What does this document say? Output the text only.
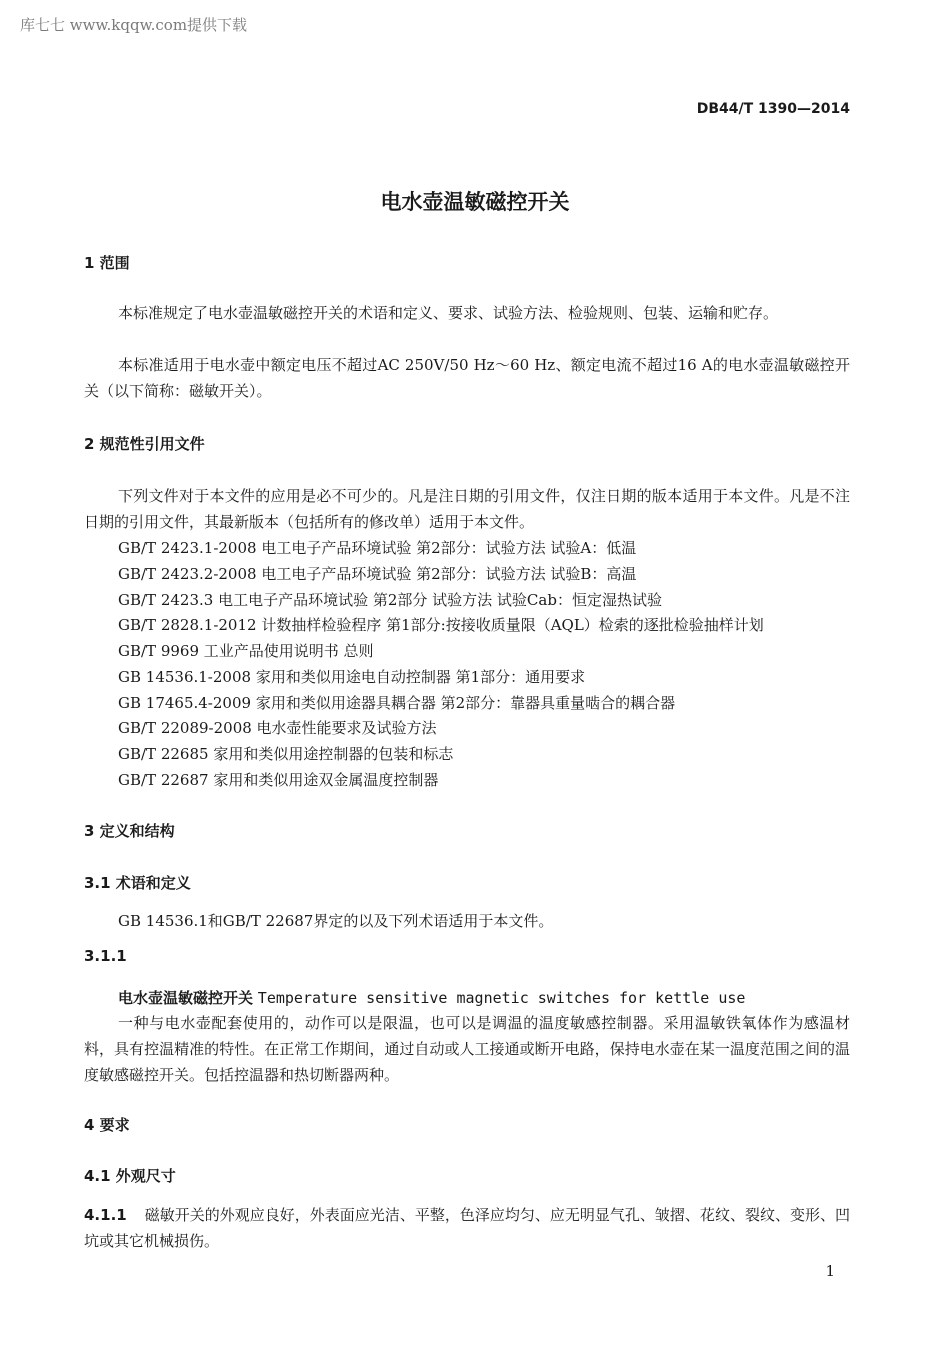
库七七 www.kqqw.com提供下载
DB44/T 1390—2014
电水壶温敏磁控开关
1 范围
本标准规定了电水壶温敏磁控开关的术语和定义、要求、试验方法、检验规则、包装、运输和贮存。
本标准适用于电水壶中额定电压不超过AC 250V/50 Hz～60 Hz、额定电流不超过16 A的电水壶温敏磁控开关（以下简称：磁敏开关）。
2 规范性引用文件
下列文件对于本文件的应用是必不可少的。凡是注日期的引用文件，仅注日期的版本适用于本文件。凡是不注日期的引用文件，其最新版本（包括所有的修改单）适用于本文件。
GB/T 2423.1-2008 电工电子产品环境试验 第2部分：试验方法 试验A：低温
GB/T 2423.2-2008 电工电子产品环境试验 第2部分：试验方法 试验B：高温
GB/T 2423.3 电工电子产品环境试验 第2部分 试验方法 试验Cab：恒定湿热试验
GB/T 2828.1-2012 计数抽样检验程序 第1部分:按接收质量限（AQL）检索的逐批检验抽样计划
GB/T 9969 工业产品使用说明书 总则
GB 14536.1-2008 家用和类似用途电自动控制器 第1部分：通用要求
GB 17465.4-2009 家用和类似用途器具耦合器 第2部分：靠器具重量啮合的耦合器
GB/T 22089-2008 电水壶性能要求及试验方法
GB/T 22685 家用和类似用途控制器的包装和标志
GB/T 22687 家用和类似用途双金属温度控制器
3 定义和结构
3.1 术语和定义
GB 14536.1和GB/T 22687界定的以及下列术语适用于本文件。
3.1.1
电水壶温敏磁控开关 Temperature sensitive magnetic switches for kettle use
一种与电水壶配套使用的，动作可以是限温，也可以是调温的温度敏感控制器。采用温敏铁氧体作为感温材料，具有控温精准的特性。在正常工作期间，通过自动或人工接通或断开电路，保持电水壶在某一温度范围之间的温度敏感磁控开关。包括控温器和热切断器两种。
4 要求
4.1 外观尺寸
4.1.1 磁敏开关的外观应良好，外表面应光洁、平整，色泽应均匀、应无明显气孔、皱摺、花纹、裂纹、变形、凹坑或其它机械损伤。
1
